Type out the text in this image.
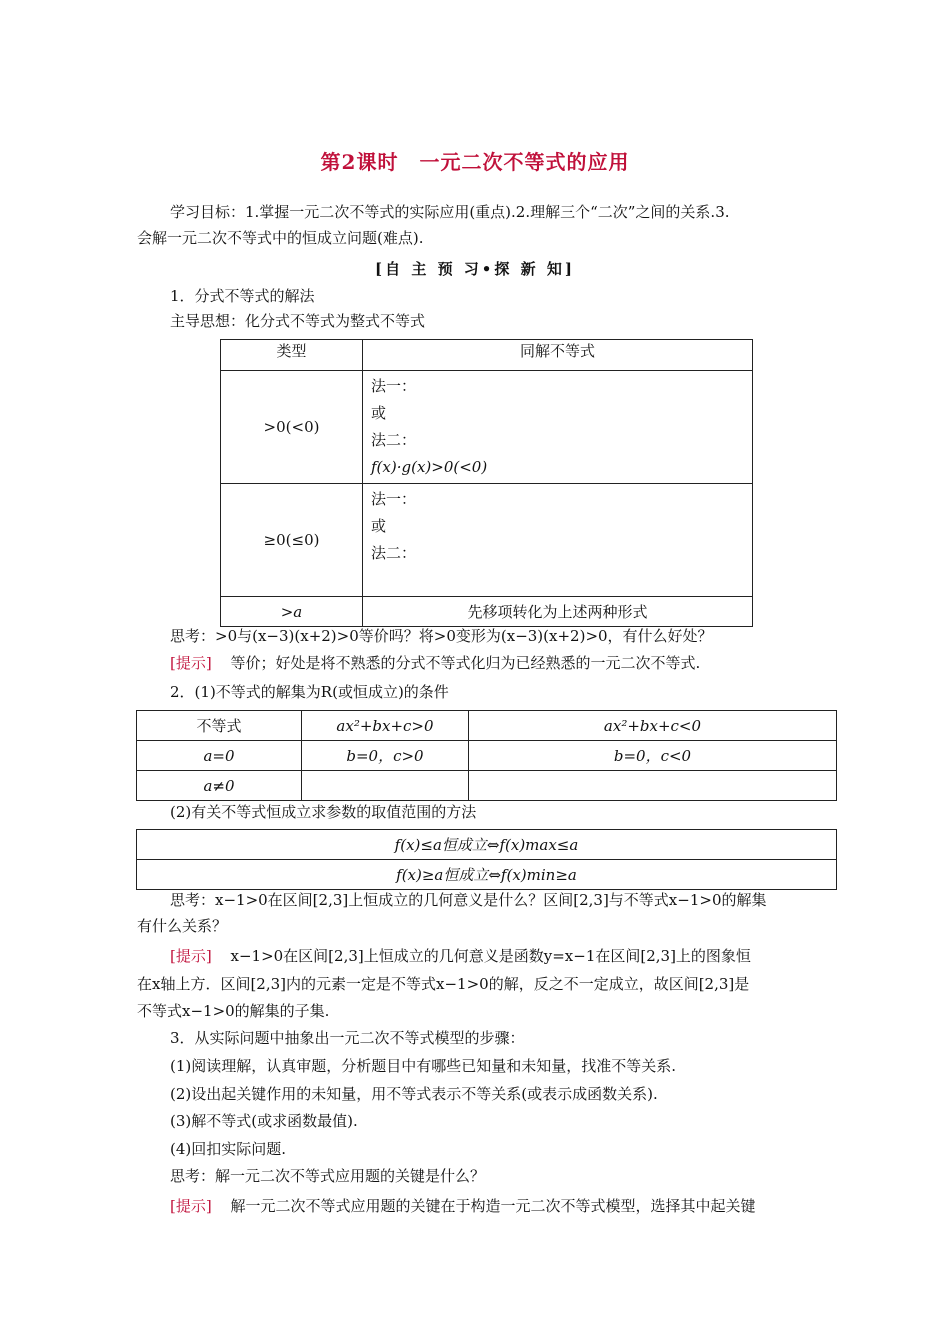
第2课时　一元二次不等式的应用
学习目标：1.掌握一元二次不等式的实际应用(重点).2.理解三个“二次”之间的关系.3.
会解一元二次不等式中的恒成立问题(难点).
[自 主 预 习•探 新 知]
1．分式不等式的解法
主导思想：化分式不等式为整式不等式
类型	同解不等式
>0(<0)	法一：
或
法二：
f(x)·g(x)>0(<0)

≥0(≤0)	法一：
或
法二：

>a	先移项转化为上述两种形式
思考：>0与(x−3)(x+2)>0等价吗？将>0变形为(x−3)(x+2)>0，有什么好处？
[提示] 等价；好处是将不熟悉的分式不等式化归为已经熟悉的一元二次不等式.
2．(1)不等式的解集为R(或恒成立)的条件
不等式	ax²+bx+c>0	ax²+bx+c<0
a=0	b=0，c>0	b=0，c<0
a≠0		
(2)有关不等式恒成立求参数的取值范围的方法
f(x)≤a恒成立⇔f(x)max≤a
f(x)≥a恒成立⇔f(x)min≥a
思考：x−1>0在区间[2,3]上恒成立的几何意义是什么？区间[2,3]与不等式x−1>0的解集
有什么关系？
[提示] x−1>0在区间[2,3]上恒成立的几何意义是函数y=x−1在区间[2,3]上的图象恒
在x轴上方．区间[2,3]内的元素一定是不等式x−1>0的解，反之不一定成立，故区间[2,3]是
不等式x−1>0的解集的子集.
3．从实际问题中抽象出一元二次不等式模型的步骤：
(1)阅读理解，认真审题，分析题目中有哪些已知量和未知量，找准不等关系.
(2)设出起关键作用的未知量，用不等式表示不等关系(或表示成函数关系).
(3)解不等式(或求函数最值).
(4)回扣实际问题.
思考：解一元二次不等式应用题的关键是什么？
[提示] 解一元二次不等式应用题的关键在于构造一元二次不等式模型，选择其中起关键
